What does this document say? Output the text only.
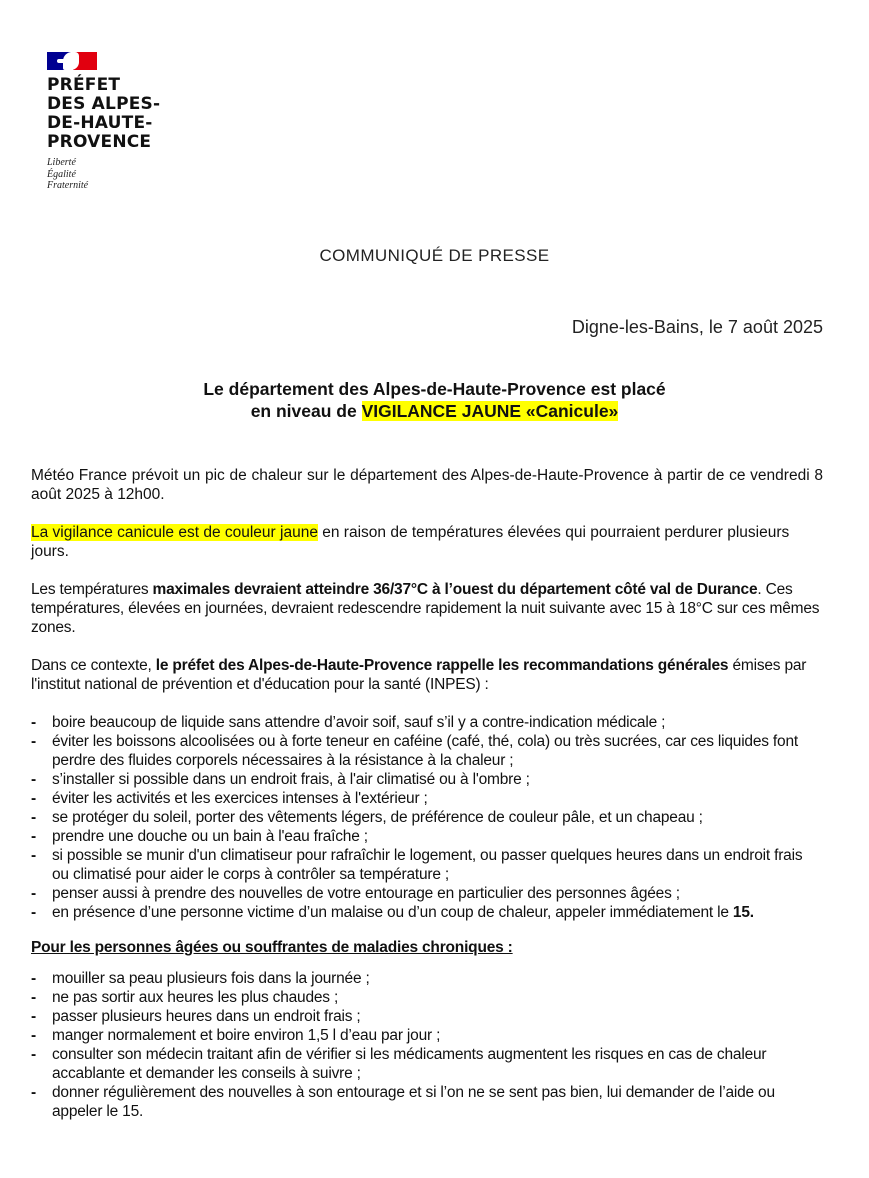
PRÉFET
DES ALPES-
DE-HAUTE-
PROVENCE
Liberté
Égalité
Fraternité
COMMUNIQUÉ DE PRESSE
Digne-les-Bains, le 7 août 2025
Le département des Alpes-de-Haute-Provence est placé
en niveau de VIGILANCE JAUNE «Canicule»

Météo France prévoit un pic de chaleur sur le département des Alpes-de-Haute-Provence à partir de ce vendredi 8 août 2025 à 12h00.

La vigilance canicule est de couleur jaune en raison de températures élevées qui pourraient perdurer plusieurs jours.

Les températures maximales devraient atteindre 36/37°C à l’ouest du département côté val de Durance. Ces températures, élevées en journées, devraient redescendre rapidement la nuit suivante avec 15 à 18°C sur ces mêmes zones.

Dans ce contexte, le préfet des Alpes-de-Haute-Provence rappelle les recommandations générales émises par l'institut national de prévention et d'éducation pour la santé (INPES) :

- boire beaucoup de liquide sans attendre d’avoir soif, sauf s’il y a contre-indication médicale ;
- éviter les boissons alcoolisées ou à forte teneur en caféine (café, thé, cola) ou très sucrées, car ces liquides font perdre des fluides corporels nécessaires à la résistance à la chaleur ;
- s’installer si possible dans un endroit frais, à l'air climatisé ou à l'ombre ;
- éviter les activités et les exercices intenses à l'extérieur ;
- se protéger du soleil, porter des vêtements légers, de préférence de couleur pâle, et un chapeau ;
- prendre une douche ou un bain à l'eau fraîche ;
- si possible se munir d'un climatiseur pour rafraîchir le logement, ou passer quelques heures dans un endroit frais ou climatisé pour aider le corps à contrôler sa température ;
- penser aussi à prendre des nouvelles de votre entourage en particulier des personnes âgées ;
- en présence d’une personne victime d’un malaise ou d’un coup de chaleur, appeler immédiatement le 15.
Pour les personnes âgées ou souffrantes de maladies chroniques :
- mouiller sa peau plusieurs fois dans la journée ;
- ne pas sortir aux heures les plus chaudes ;
- passer plusieurs heures dans un endroit frais ;
- manger normalement et boire environ 1,5 l d’eau par jour ;
- consulter son médecin traitant afin de vérifier si les médicaments augmentent les risques en cas de chaleur accablante et demander les conseils à suivre ;
- donner régulièrement des nouvelles à son entourage et si l’on ne se sent pas bien, lui demander de l’aide ou appeler le 15.
